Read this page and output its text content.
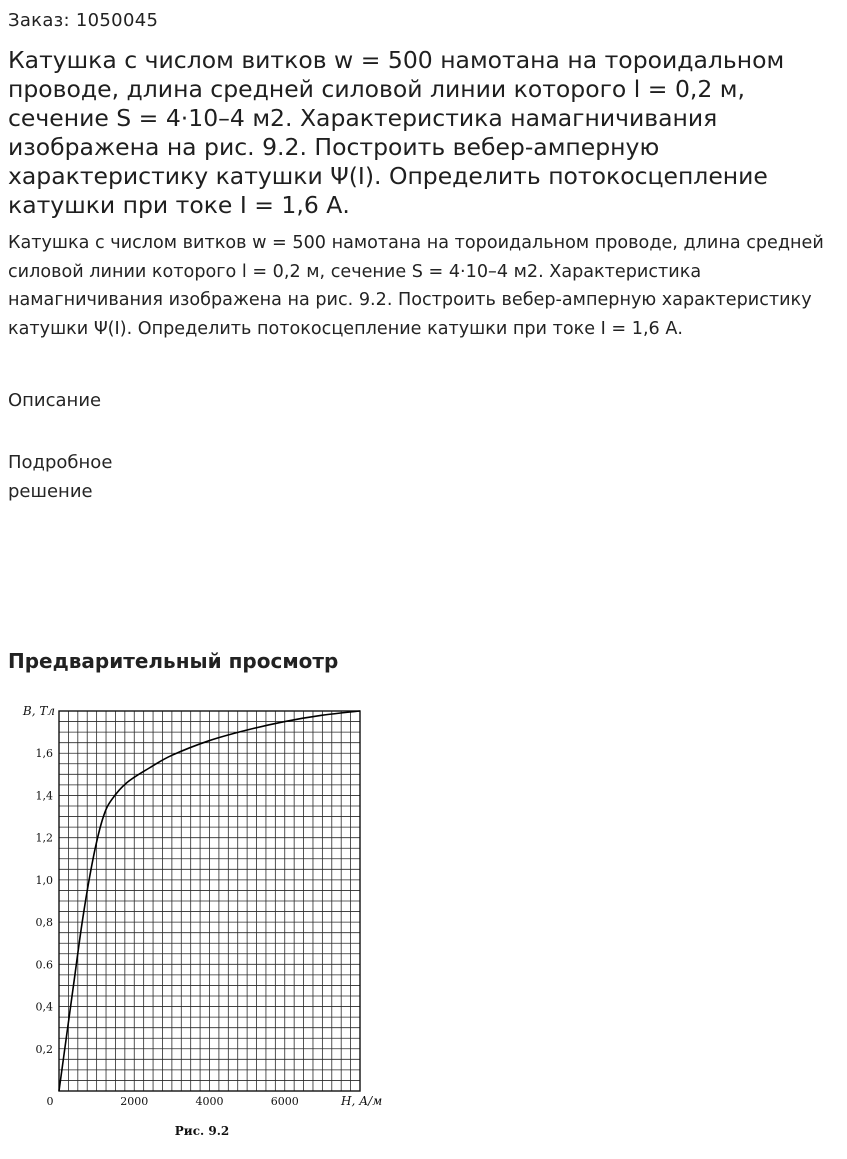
Заказ: 1050045
Катушка с числом витков w = 500 намотана на тороидальном проводе, длина средней силовой линии которого l = 0,2 м, сечение S = 4·10–4 м2. Характеристика намагничивания изображена на рис. 9.2. Построить вебер-амперную характеристику катушки Ψ(I). Определить потокосцепление катушки при токе I = 1,6 А.

Катушка с числом витков w = 500 намотана на тороидальном проводе, длина средней силовой линии которого l = 0,2 м, сечение S = 4·10–4 м2. Характеристика намагничивания изображена на рис. 9.2. Построить вебер-амперную характеристику катушки Ψ(I). Определить потокосцепление катушки при токе I = 1,6 А.

Описание
Подробное решение
Предварительный просмотр
0,2
0,4
0.6
0,8
1,0
1,2
1,4
1,6
0	2000	4000	6000
B, Тл
H, А/м
Рис. 9.2
